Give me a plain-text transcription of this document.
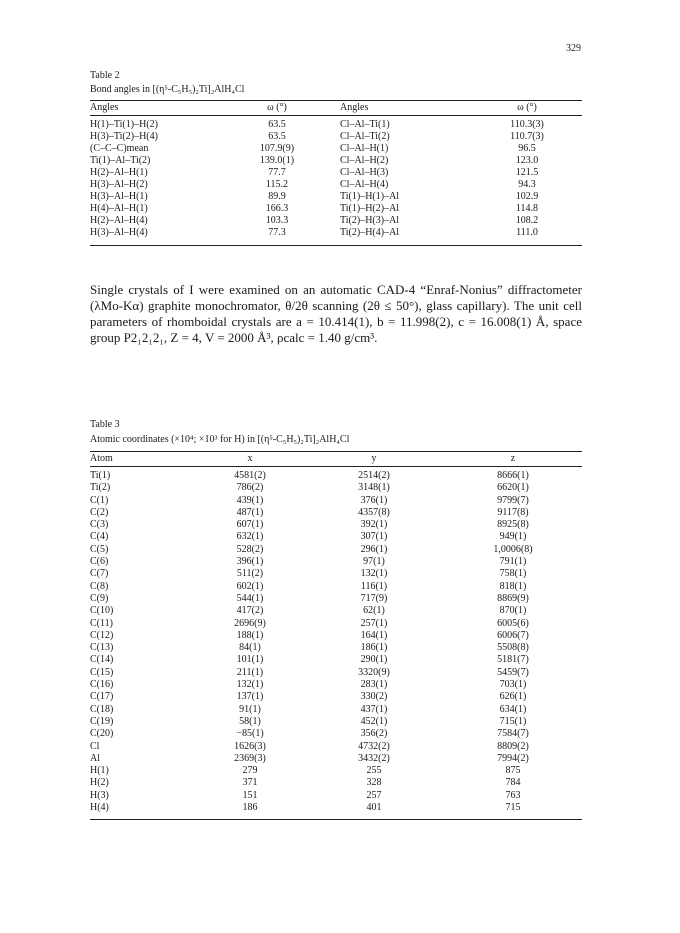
329
Table 2
Bond angles in [(η⁵-C₅H₅)₂Ti]₂AlH₄Cl
Angles	ω (°)	Angles	ω (°)
H(1)–Ti(1)–H(2)	63.5	Cl–Al–Ti(1)	110.3(3)
H(3)–Ti(2)–H(4)	63.5	Cl–Al–Ti(2)	110.7(3)
(C–C–C)mean	107.9(9)	Cl–Al–H(1)	96.5
Ti(1)–Al–Ti(2)	139.0(1)	Cl–Al–H(2)	123.0
H(2)–Al–H(1)	77.7	Cl–Al–H(3)	121.5
H(3)–Al–H(2)	115.2	Cl–Al–H(4)	94.3
H(3)–Al–H(1)	89.9	Ti(1)–H(1)–Al	102.9
H(4)–Al–H(1)	166.3	Ti(1)–H(2)–Al	114.8
H(2)–Al–H(4)	103.3	Ti(2)–H(3)–Al	108.2
H(3)–Al–H(4)	77.3	Ti(2)–H(4)–Al	111.0
Single crystals of I were examined on an automatic CAD-4 “Enraf-Nonius” diffractometer (λMo-Kα) graphite monochromator, θ/2θ scanning (2θ ≤ 50°), glass capillary). The unit cell parameters of rhomboidal crystals are a = 10.414(1), b = 11.998(2), c = 16.008(1) Å, space group P2₁2₁2₁, Z = 4, V = 2000 Å³, ρcalc = 1.40 g/cm³.
Table 3
Atomic coordinates (×10⁴; ×10³ for H) in [(η⁵-C₅H₅)₂Ti]₂AlH₄Cl
Atom	x	y	z
Ti(1)	4581(2)	2514(2)	8666(1)
Ti(2)	786(2)	3148(1)	6620(1)
C(1)	439(1)	376(1)	9799(7)
C(2)	487(1)	4357(8)	9117(8)
C(3)	607(1)	392(1)	8925(8)
C(4)	632(1)	307(1)	949(1)
C(5)	528(2)	296(1)	1,0006(8)
C(6)	396(1)	97(1)	791(1)
C(7)	511(2)	132(1)	758(1)
C(8)	602(1)	116(1)	818(1)
C(9)	544(1)	717(9)	8869(9)
C(10)	417(2)	62(1)	870(1)
C(11)	2696(9)	257(1)	6005(6)
C(12)	188(1)	164(1)	6006(7)
C(13)	84(1)	186(1)	5508(8)
C(14)	101(1)	290(1)	5181(7)
C(15)	211(1)	3320(9)	5459(7)
C(16)	132(1)	283(1)	703(1)
C(17)	137(1)	330(2)	626(1)
C(18)	91(1)	437(1)	634(1)
C(19)	58(1)	452(1)	715(1)
C(20)	−85(1)	356(2)	7584(7)
Cl	1626(3)	4732(2)	8809(2)
Al	2369(3)	3432(2)	7994(2)
H(1)	279	255	875
H(2)	371	328	784
H(3)	151	257	763
H(4)	186	401	715
